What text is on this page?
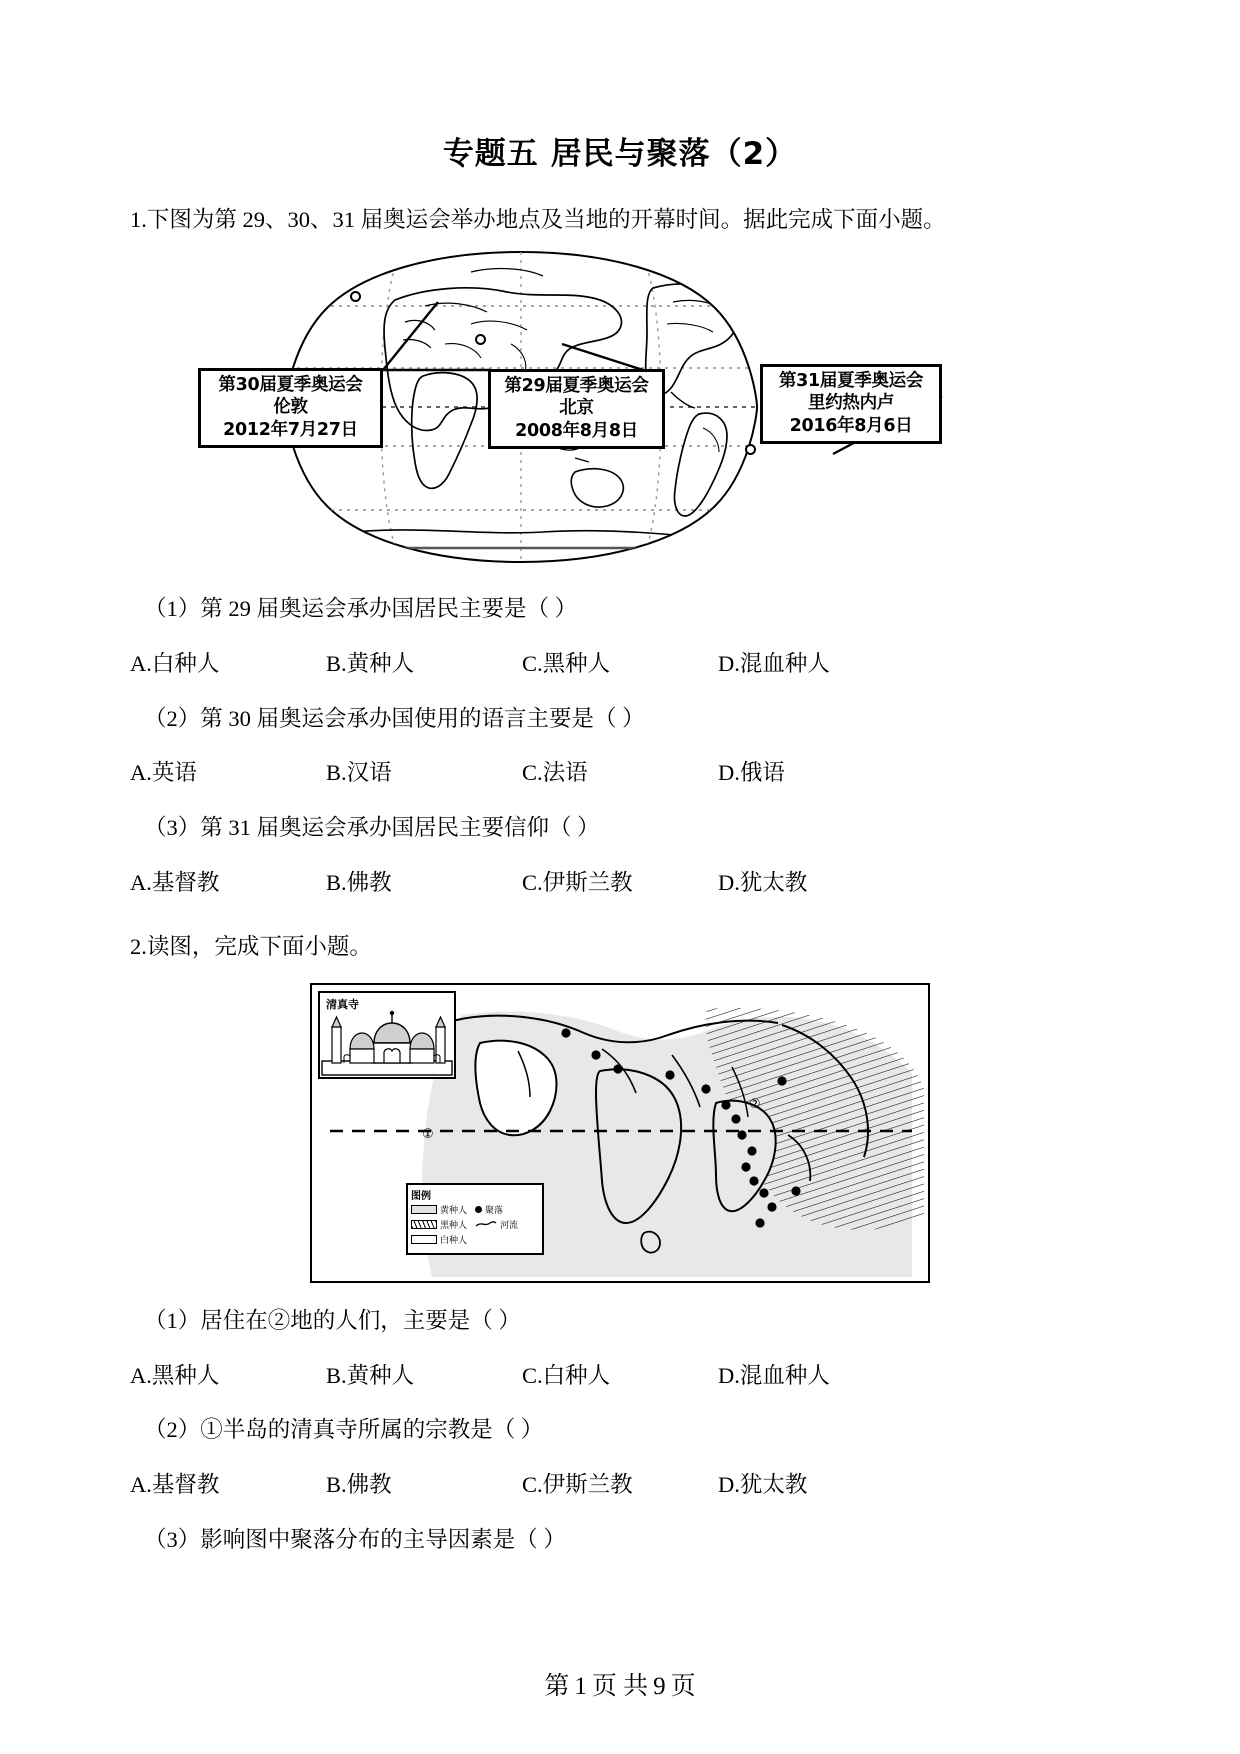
专题五 居民与聚落（2）

1.下图为第 29、30、31 届奥运会举办地点及当地的开幕时间。据此完成下面小题。

第30届夏季奥运会
伦敦
2012年7月27日
第29届夏季奥运会
北京
2008年8月8日
第31届夏季奥运会
里约热内卢
2016年8月6日

（1）第 29 届奥运会承办国居民主要是（ ）

A.白种人	B.黄种人	C.黑种人	D.混血种人

（2）第 30 届奥运会承办国使用的语言主要是（ ）

A.英语	B.汉语	C.法语	D.俄语

（3）第 31 届奥运会承办国居民主要信仰（ ）

A.基督教	B.佛教	C.伊斯兰教	D.犹太教

2.读图，完成下面小题。

清真寺
图例
黄种人
黑种人
白种人
聚落
河流
①
②

（1）居住在②地的人们，主要是（ ）

A.黑种人	B.黄种人	C.白种人	D.混血种人

（2）①半岛的清真寺所属的宗教是（ ）

A.基督教	B.佛教	C.伊斯兰教	D.犹太教

（3）影响图中聚落分布的主导因素是（ ）

第 1 页 共 9 页
